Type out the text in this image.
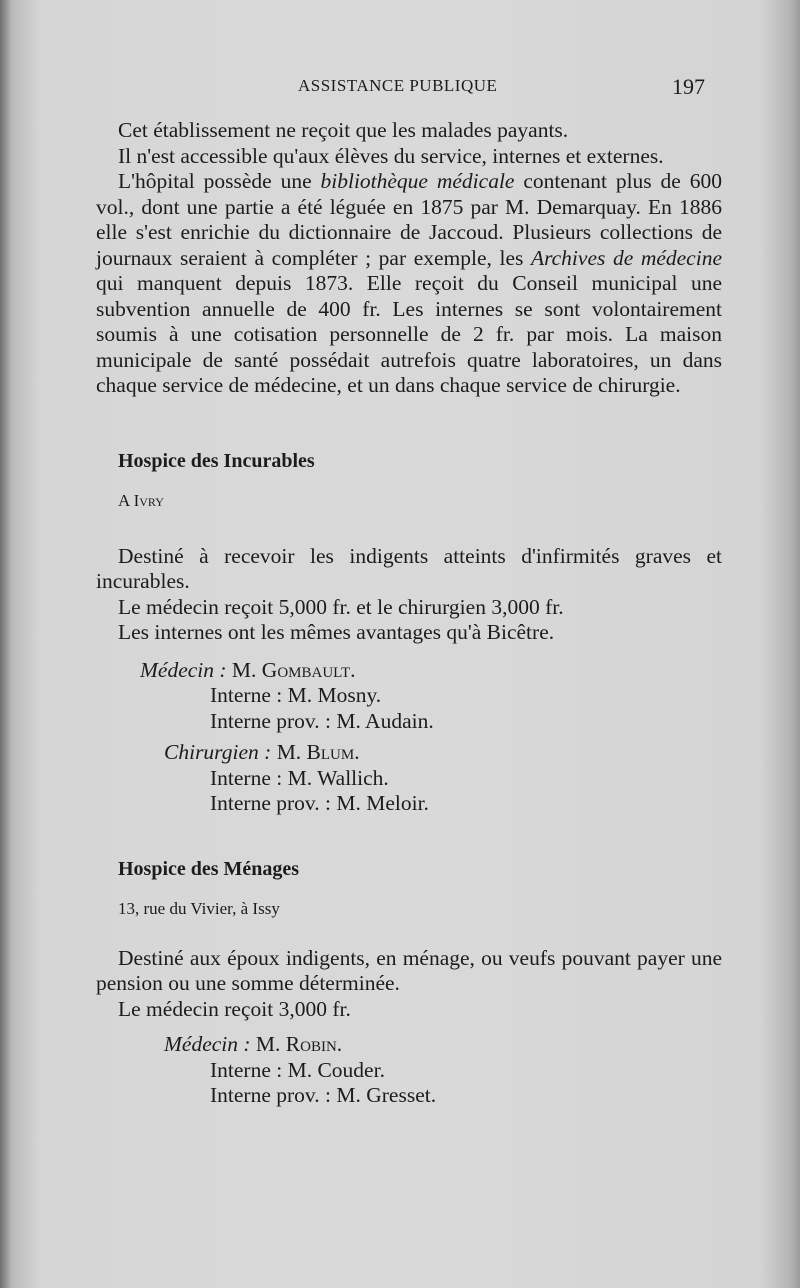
ASSISTANCE PUBLIQUE	197

Cet établissement ne reçoit que les malades payants.

Il n'est accessible qu'aux élèves du service, internes et externes.

L'hôpital possède une bibliothèque médicale contenant plus de 600 vol., dont une partie a été léguée en 1875 par M. Demarquay. En 1886 elle s'est enrichie du dictionnaire de Jaccoud. Plusieurs collections de journaux seraient à compléter ; par exemple, les Archives de médecine qui manquent depuis 1873. Elle reçoit du Conseil municipal une subvention annuelle de 400 fr. Les internes se sont volontairement soumis à une cotisation personnelle de 2 fr. par mois. La maison municipale de santé possédait autrefois quatre laboratoires, un dans chaque service de médecine, et un dans chaque service de chirurgie.

Hospice des Incurables

A Ivry

Destiné à recevoir les indigents atteints d'infirmités graves et incurables.

Le médecin reçoit 5,000 fr. et le chirurgien 3,000 fr.

Les internes ont les mêmes avantages qu'à Bicêtre.

Médecin : M. Gombault.

Interne : M. Mosny.

Interne prov. : M. Audain.

Chirurgien : M. Blum.

Interne : M. Wallich.

Interne prov. : M. Meloir.

Hospice des Ménages

13, rue du Vivier, à Issy

Destiné aux époux indigents, en ménage, ou veufs pouvant payer une pension ou une somme déterminée.

Le médecin reçoit 3,000 fr.

Médecin : M. Robin.

Interne : M. Couder.

Interne prov. : M. Gresset.
